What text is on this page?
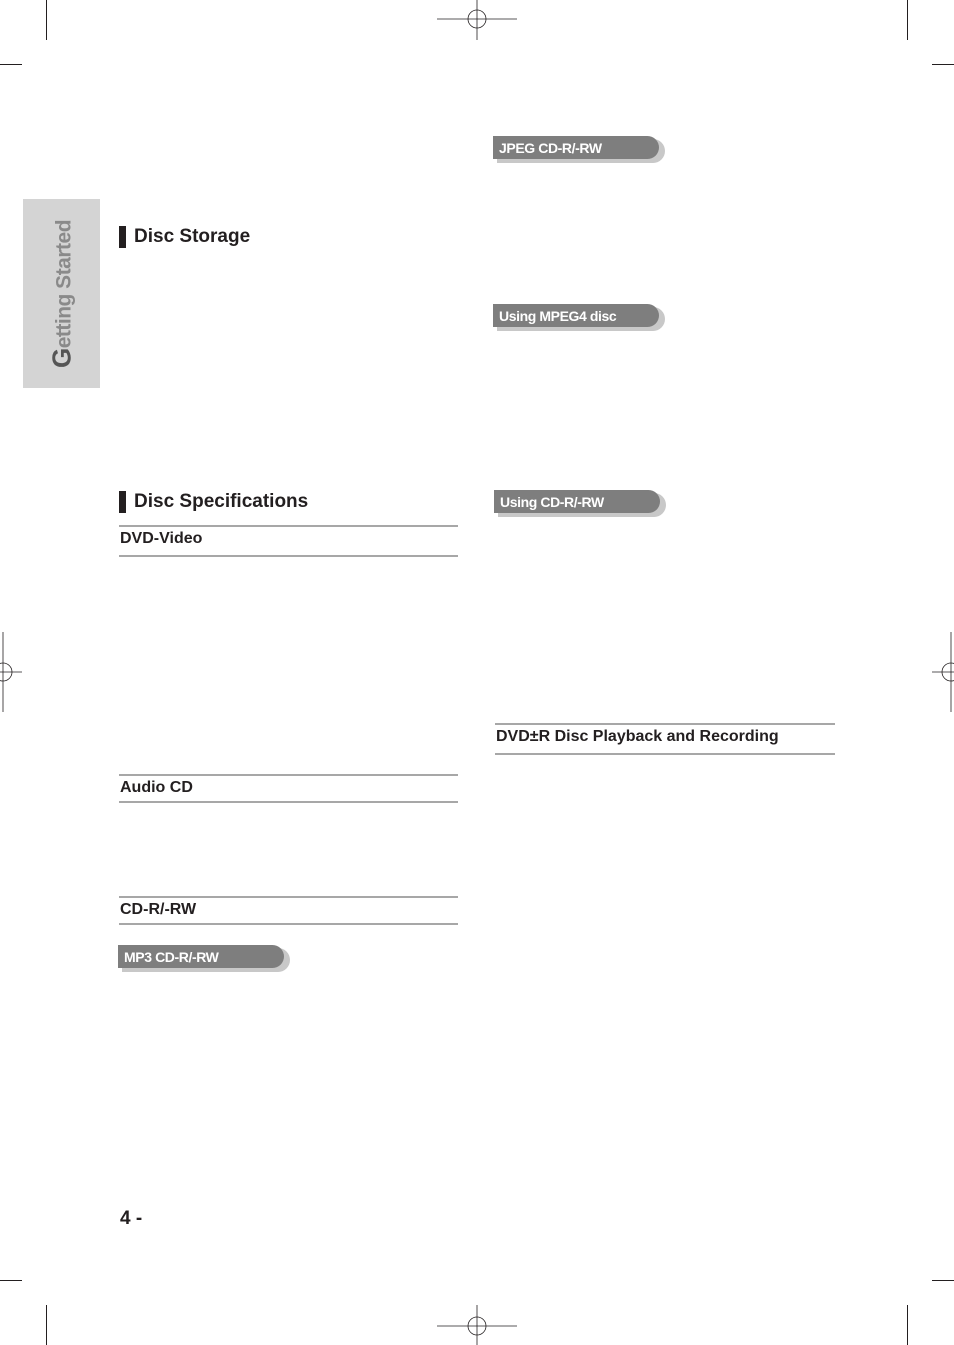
Getting Started	Disc Storage
Disc Specifications
DVD-Video
Audio CD
CD-R/-RW
DVD±R Disc Playback and Recording
MP3 CD-R/-RW
JPEG CD-R/-RW
Using MPEG4 disc
Using CD-R/-RW
4 -
